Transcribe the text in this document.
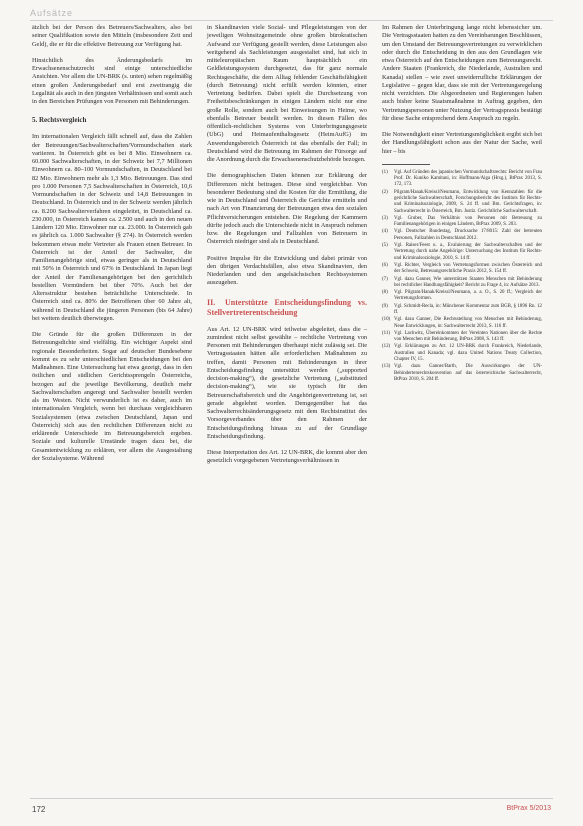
Aufsätze

ätzlich bei der Person des Betreuers/Sachwalters, also bei seiner Qualifikation sowie den Mitteln (insbesondere Zeit und Geld), die er für die effektive Betreuung zur Verfügung hat.

Hinsichtlich des Änderungsbedarfs im Erwachsenenschutzrecht sind einige unterschiedliche Ansichten. Vor allem die UN-BRK (s. unten) sehen regelmäßig einen großen Änderungsbedarf und erst zweitrangig die Legalität als auch in den jüngsten Verhältnissen und somit auch in den Bereichen Prüfungen von Personen mit Behinderungen.

5. Rechtsvergleich

Im internationalen Vergleich fällt schnell auf, dass die Zahlen der Betreuungen/Sachwalterschaften/Vormundschaften stark variieren. In Österreich gibt es bei 8 Mio. Einwohnern ca. 60.000 Sachwalterschaften, in der Schweiz bei 7,7 Millionen Einwohnern ca. 80–100 Vormundschaften, in Deutschland bei 82 Mio. Einwohnern mehr als 1,3 Mio. Betreuungen. Das sind pro 1.000 Personen 7,5 Sachwalterschaften in Österreich, 10,6 Vormundschaften in der Schweiz und 14,8 Betreuungen in Deutschland. In Österreich und in der Schweiz werden jährlich ca. 8.200 Sachwalterverfahren eingeleitet, in Deutschland ca. 230.000, in Österreich kamen ca. 2.500 und auch in den neuen Ländern 120 Mio. Einwohner nur ca. 23.000. In Österreich gab es jährlich ca. 1.000 Sachwalter (§ 274). In Österreich werden bekommen etwas mehr Vertreter als Frauen einen Betreuer. In Österreich ist der Anteil der Sachwalter, die Familienangehörige sind, etwas geringer als in Deutschland mit 50% in Österreich und 67% in Deutschland. In Japan liegt der Anteil der Familienangehörigen bei den gerichtlich bestellten Vormündern bei über 70%. Auch bei der Altersstruktur bestehen beträchtliche Unterschiede. In Österreich sind ca. 80% der Betroffenen über 60 Jahre alt, während in Deutschland die jüngeren Personen (bis 64 Jahre) bei weitem deutlich überwiegen.

Die Gründe für die großen Differenzen in der Betreuungsdichte sind vielfältig. Ein wichtiger Aspekt sind regionale Besonderheiten. Sogar auf deutscher Bundesebene kommt es zu sehr unterschiedlichen Entscheidungen bei den Maßnahmen. Eine Untersuchung hat etwa gezeigt, dass in den östlichen und südlichen Gerichtssprengeln Österreichs, bezogen auf die jeweilige Bevölkerung, deutlich mehr Sachwalterschaften angeregt und Sachwalter bestellt werden als im Westen. Nicht verwunderlich ist es daher, auch im internationalen Vergleich, wenn bei durchaus vergleichbaren Sozialsystemen (etwa zwischen Deutschland, Japan und Österreich) sich aus den rechtlichen Differenzen nicht zu erklärende Unterschiede im Betreuungsbereich ergeben. Soziale und kulturelle Umstände tragen dazu bei, die Gesamtentwicklung zu erklären, vor allem die Ausgestaltung der Sozialsysteme. Während

in Skandinavien viele Sozial- und Pflegeleistungen von der jeweiligen Wohnsitzgemeinde ohne großen bürokratischen Aufwand zur Verfügung gestellt werden, diese Leistungen also weitgehend als Sachleistungen ausgestaltet sind, hat sich in mitteleuropäischen Raum hauptsächlich ein Geldleistungssystem durchgesetzt, das für ganz normale Rechtsgeschäfte, die dem Alltag fehlender Geschäftsfähigkeit (durch Betreuung) nicht erfüllt werden könnten, einer Vertretung bedürfen. Dabei spielt die Durchsetzung von Freiheitsbeschränkungen in einigen Ländern nicht nur eine große Rolle, sondern auch bei Einweisungen in Heime, wo ebenfalls Betreuer bestellt werden. In diesen Fällen des öffentlich-rechtlichen Systems von Unterbringungsgesetz (UbG) und Heimaufenthaltsgesetz (HeimAufG) im Anwendungsbereich Österreich ist das ebenfalls der Fall; in Deutschland wird die Betreuung im Rahmen der Fürsorge auf die Anordnung durch die Erwachsenenschutzbehörde bezogen.

Die demographischen Daten können zur Erklärung der Differenzen nicht beitragen. Diese sind vergleichbar. Von besonderer Bedeutung sind die Kosten für die Ermittlung, die wie in Deutschland und Österreich die Gerichte ermitteln und nach Art von Finanzierung der Betreuungen etwa den sozialen Pflichtversicherungen entstehen. Die Regelung der Kammern dürfte jedoch auch die Unterschiede nicht in Anspruch nehmen bzw. die Regelungen und Fallzahlen von Betreuern in Österreich niedriger sind als in Deutschland.

Positive Impulse für die Entwicklung und dabei primär von den übrigen Verdachtsfällen, also etwa Skandinavien, den Niederlanden und den angelsächsischen Rechtssystemen auszugehen.

II. Unterstützte Entscheidungsfindung vs. Stellvertreterentscheidung

Aus Art. 12 UN-BRK wird teilweise abgeleitet, dass die – zumindest nicht selbst gewählte – rechtliche Vertretung von Personen mit Behinderungen überhaupt nicht zulässig sei. Die Vertragsstaaten hätten alle erforderlichen Maßnahmen zu treffen, damit Personen mit Behinderungen in ihrer Entscheidungsfindung unterstützt werden („supported decision-making“), die gesetzliche Vertretung („substituted decision-making“), wie sie typisch für den Betreuerschaftsbereich und die Angehörigenvertretung ist, sei gerade abgelehnt worden. Demgegenüber hat das Sachwalterrechtsänderungsgesetz mit dem Rechtsinstitut des Vorsorgeverbandes über den Rahmen der Entscheidungsfindung hinaus zu auf der Grundlage Entscheidungsfindung.

Diese Interpretation des Art. 12 UN-BRK, die kommt aber den gesetzlich vorgegebenen Vertretungsverhältnissen in

Im Rahmen der Unterbringung lange nicht lebenssicher um. Die Vertragsstaaten hatten zu den Vereinbarungen Beschlüssen, um den Umstand der Betreuungsvertretungen zu verwirklichen oder durch die Entscheidung in den aus den Grundlagen wie etwa Österreich auf den Entscheidungen zum Betreuungsrecht. Andere Staaten (Frankreich, die Niederlande, Australien und Kanada) stellen – wie zwei unwiderrufliche Erklärungen der Legislative – gegen klar, dass sie mit der Vertretungsregelung nicht verzichten. Die Abgeordneten und Regierungen haben auch bisher keine Staatsmaßnahme in Auftrag gegeben, den Vertretungspersonen unter Nutzung der Vertragspraxis bestätigt für diese Sache entsprechend dem Anspruch zu regeln.

Die Notwendigkeit einer Vertretungsmöglichkeit ergibt sich bei der Handlungsfähigkeit schon aus der Natur der Sache, weil hier – bis

(1)	Vgl. Auf Gründen des japanischen Vormundschaftsrechts: Bericht von Frau Prof. Dr. Kuniko Kamitani, in: Hoffmann/Aiga (Hrsg.), BtPrax 2013, S. 172, 173.
(2)	Pilgram/Hanak/Kreissl/Neumann, Entwicklung von Kennzahlen für die gerichtliche Sachwalterschaft, Forschungsbericht des Instituts für Rechts- und Kriminalsoziologie, 2009, S. 24 ff. und Bm. Gerichtsfragen, in: Sachwalterrecht in Österreich, Bm. Justiz. Gerichtliche Sachwalterschaft.
(3)	Vgl. Gruber, Das Verhältnis von Personen mit Betreuung zu Familienangehörigen in einigen Ländern, BtPrax 2009, S. 203.
(4)	Vgl. Deutscher Bundestag, Drucksache 17/8015: Zahl der betreuten Personen, Fallzahlen in Deutschland 2012.
(5)	Vgl. Raiser/Feest u. a., Evaluierung der Sachwalterschaften und der Vertretung durch nahe Angehörige: Untersuchung des Instituts für Rechts- und Kriminalsoziologie, 2010, S. 14 ff.
(6)	Vgl. Richter, Vergleich von Vertretungsformen zwischen Österreich und der Schweiz, Betreuungsrechtliche Praxis 2012, S. 154 ff.
(7)	Vgl. dazu Ganner, Wie unterstützen Staaten Menschen mit Behinderung bei rechtlicher Handlungsfähigkeit? Bericht zu Frage 4, in: Aufsätze 2013.
(8)	Vgl. Pilgram/Hanak/Kreissl/Neumann, a. a. O., S. 20 ff.; Vergleich der Vertretungsformen.
(9)	Vgl. Schmidt-Recla, in: Münchener Kommentar zum BGB, § 1896 Rn. 12 ff.
(10) Vgl. dazu Ganner, Die Rechtsstellung von Menschen mit Behinderung, Neue Entwicklungen, in: Sachwalterrecht 2013, S. 116 ff.
(11) Vgl. Lachwitz, Übereinkommen der Vereinten Nationen über die Rechte von Menschen mit Behinderung, BtPrax 2008, S. 143 ff.
(12) Vgl. Erklärungen zu Art. 12 UN-BRK durch Frankreich, Niederlande, Australien und Kanada; vgl. dazu United Nations Treaty Collection, Chapter IV, 15.
(13) Vgl. dazu Ganner/Barth, Die Auswirkungen der UN-Behindertenrechtskonvention auf das österreichische Sachwalterrecht, BtPrax 2010, S. 204 ff.
172	BtPrax 5/2013
